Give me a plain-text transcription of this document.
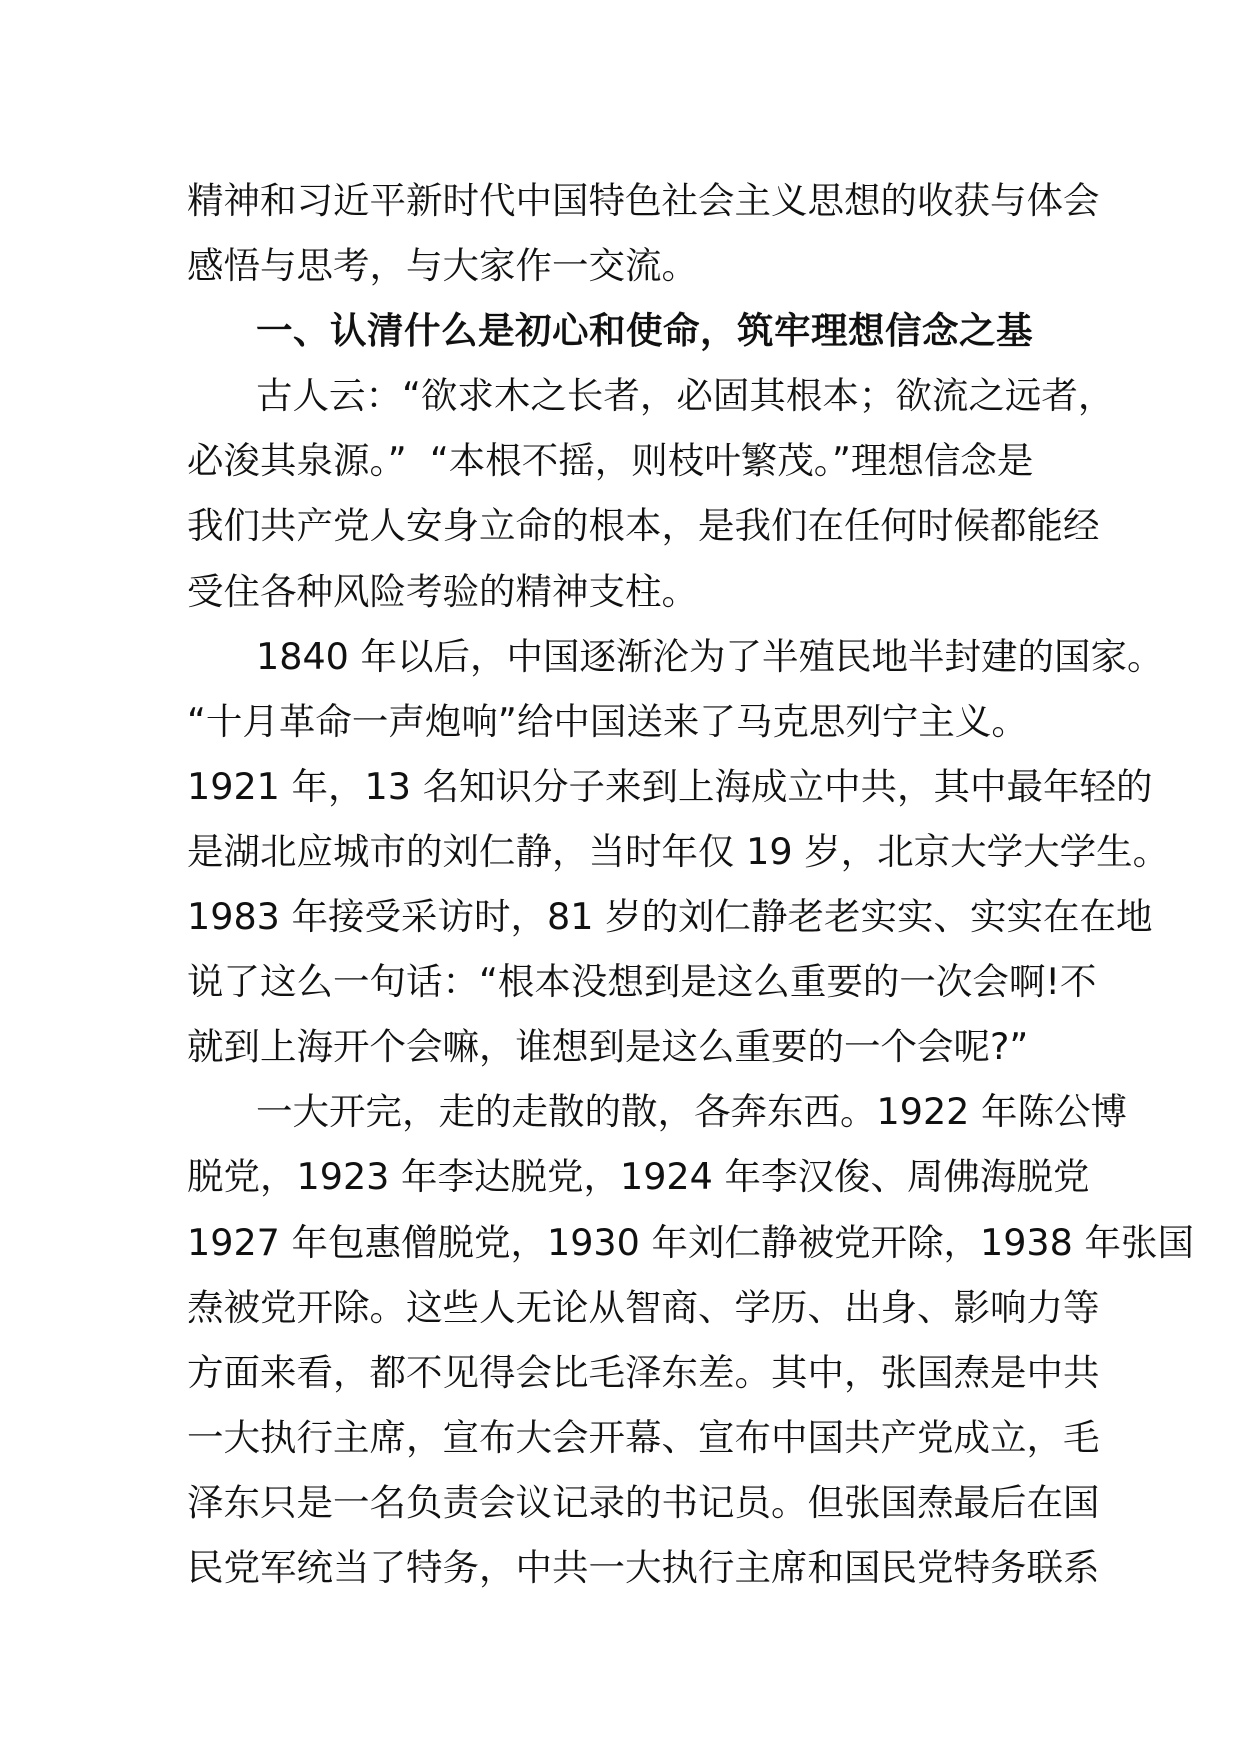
精神和习近平新时代中国特色社会主义思想的收获与体会
感悟与思考，与大家作一交流。
一、认清什么是初心和使命，筑牢理想信念之基
古人云：“欲求木之长者，必固其根本；欲流之远者，
必浚其泉源。”  “本根不摇，则枝叶繁茂。”理想信念是
我们共产党人安身立命的根本，是我们在任何时候都能经
受住各种风险考验的精神支柱。
1840 年以后，中国逐渐沦为了半殖民地半封建的国家。
“十月革命一声炮响”给中国送来了马克思列宁主义。
1921 年，13 名知识分子来到上海成立中共，其中最年轻的
是湖北应城市的刘仁静，当时年仅 19 岁，北京大学大学生。
1983 年接受采访时，81 岁的刘仁静老老实实、实实在在地
说了这么一句话：“根本没想到是这么重要的一次会啊!不
就到上海开个会嘛，谁想到是这么重要的一个会呢?”
一大开完，走的走散的散，各奔东西。1922 年陈公博
脱党，1923 年李达脱党，1924 年李汉俊、周佛海脱党
1927 年包惠僧脱党，1930 年刘仁静被党开除，1938 年张国
焘被党开除。这些人无论从智商、学历、出身、影响力等
方面来看，都不见得会比毛泽东差。其中，张国焘是中共
一大执行主席，宣布大会开幕、宣布中国共产党成立，毛
泽东只是一名负责会议记录的书记员。但张国焘最后在国
民党军统当了特务，中共一大执行主席和国民党特务联系
